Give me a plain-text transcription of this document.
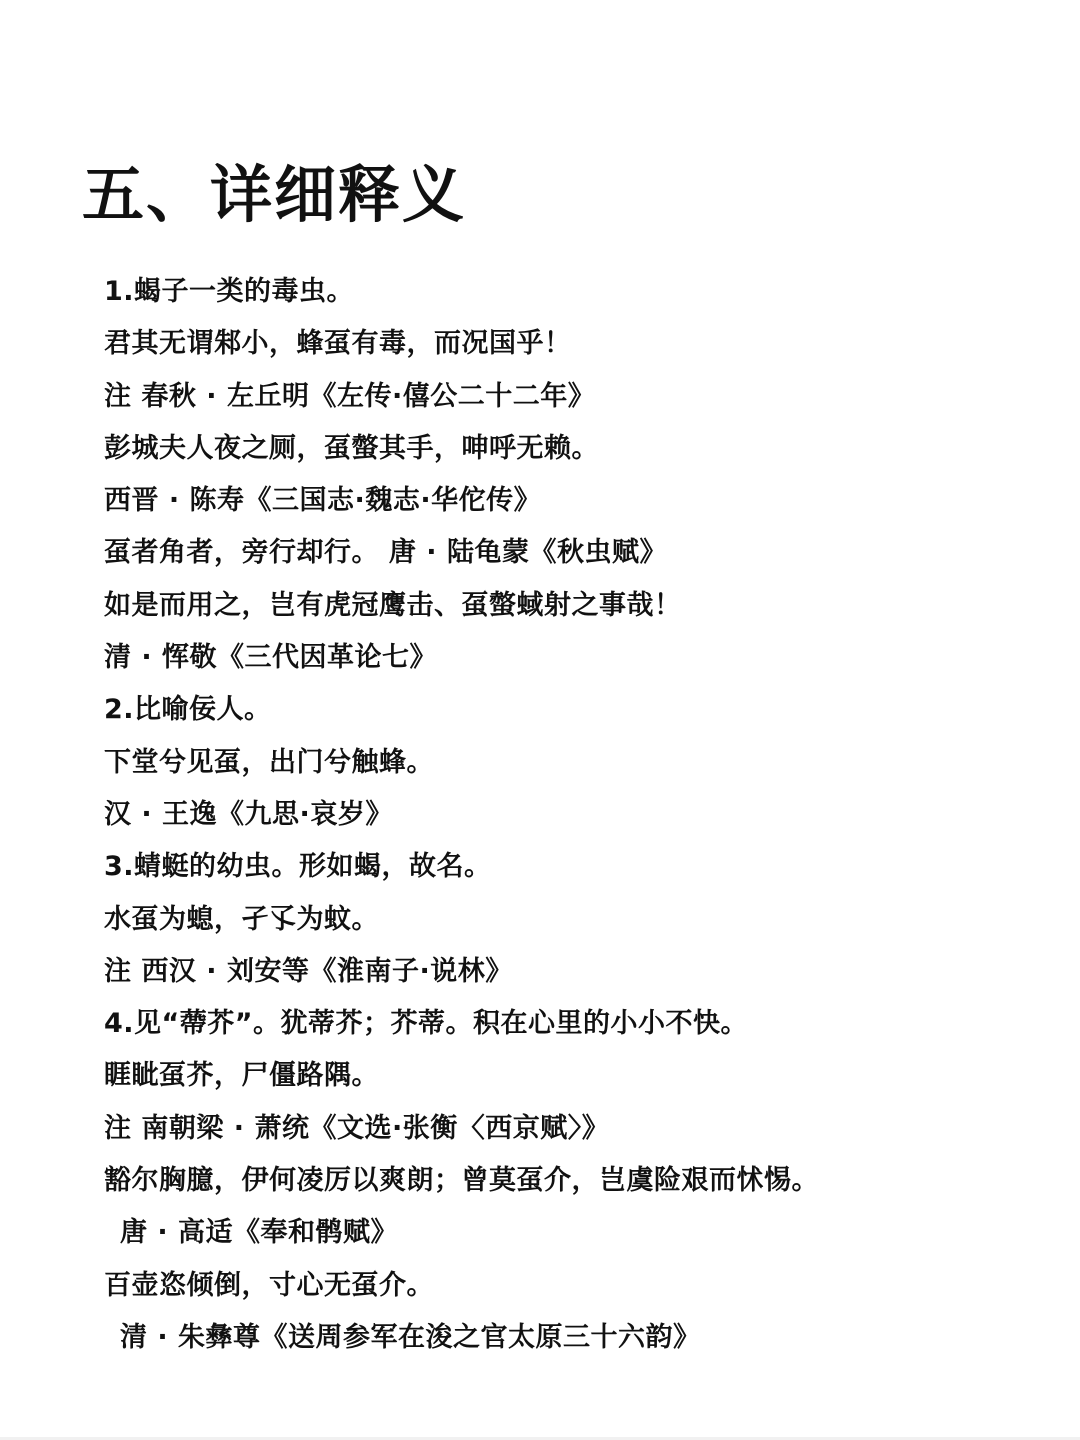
五、详细释义
1.蝎子一类的毒虫。
君其无谓邾小，蜂虿有毒，而况国乎！
注 春秋 · 左丘明《左传·僖公二十二年》
彭城夫人夜之厕，虿螫其手，呻呼无赖。
西晋 · 陈寿《三国志·魏志·华佗传》
虿者角者，旁行却行。 唐 · 陆龟蒙《秋虫赋》
如是而用之，岂有虎冠鹰击、虿螫蜮射之事哉！
清 · 恽敬《三代因革论七》
2.比喻佞人。
下堂兮见虿，出门兮触蜂。
汉 · 王逸《九思·哀岁》
3.蜻蜓的幼虫。形如蝎，故名。
水虿为螅，孑孓为蚊。
注 西汉 · 刘安等《淮南子·说林》
4.见“蔕芥”。犹蒂芥；芥蒂。积在心里的小小不快。
睚眦虿芥，尸僵路隅。
注 南朝梁 · 萧统《文选·张衡〈西京赋〉》
豁尔胸臆，伊何凌厉以爽朗；曾莫虿介，岂虞险艰而怵惕。
唐 · 高适《奉和鹘赋》
百壶恣倾倒，寸心无虿介。
清 · 朱彝尊《送周参军在浚之官太原三十六韵》
